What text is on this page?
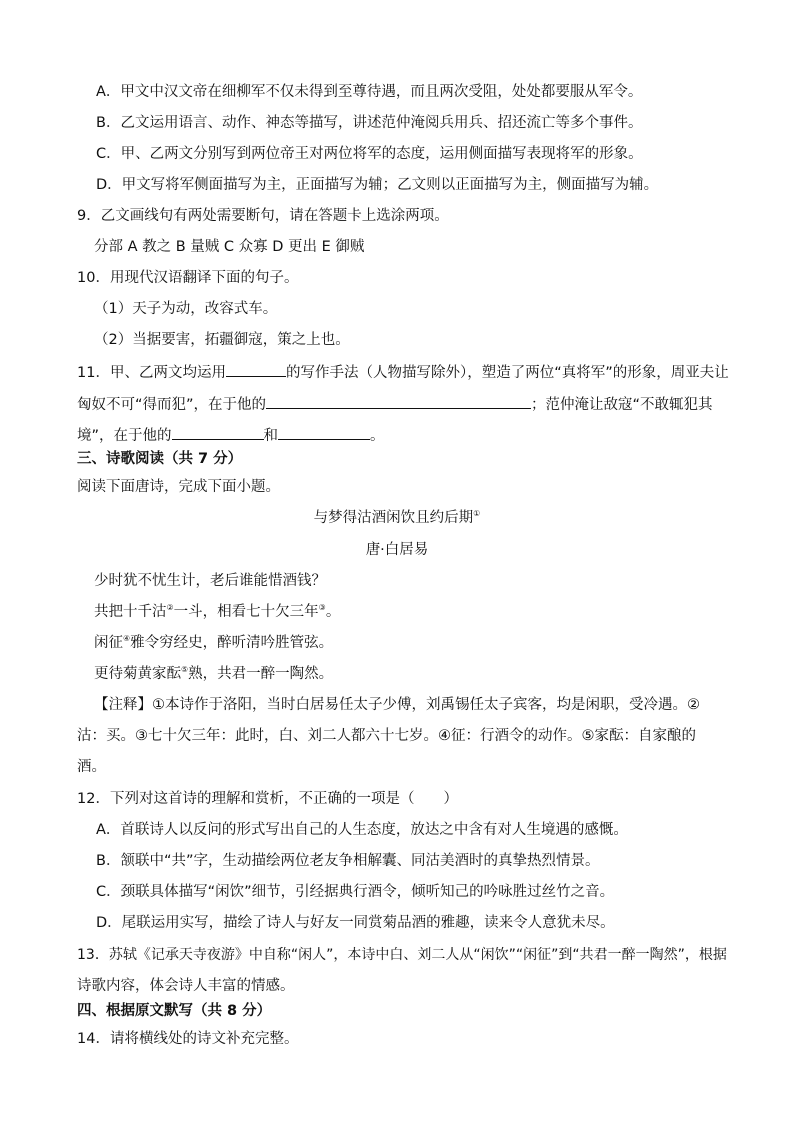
A．甲文中汉文帝在细柳军不仅未得到至尊待遇，而且两次受阻，处处都要服从军令。
B．乙文运用语言、动作、神态等描写，讲述范仲淹阅兵用兵、招还流亡等多个事件。
C．甲、乙两文分别写到两位帝王对两位将军的态度，运用侧面描写表现将军的形象。
D．甲文写将军侧面描写为主，正面描写为辅；乙文则以正面描写为主，侧面描写为辅。
9．乙文画线句有两处需要断句，请在答题卡上选涂两项。
分部 A 教之 B 量贼 C 众寡 D 更出 E 御贼
10．用现代汉语翻译下面的句子。
（1）天子为动，改容式车。
（2）当据要害，拓疆御寇，策之上也。
11．甲、乙两文均运用	的写作手法（人物描写除外），塑造了两位“真将军”的形象，周亚夫让
匈奴不可“得而犯”，在于他的	；范仲淹让敌寇“不敢辄犯其
境”，在于他的	和	。
三、诗歌阅读（共 7 分）
阅读下面唐诗，完成下面小题。
与梦得沽酒闲饮且约后期①
唐·白居易
少时犹不忧生计，老后谁能惜酒钱？
共把十千沽②一斗，相看七十欠三年③。
闲征④雅令穷经史，醉听清吟胜管弦。
更待菊黄家酝⑤熟，共君一醉一陶然。
【注释】①本诗作于洛阳，当时白居易任太子少傅，刘禹锡任太子宾客，均是闲职，受冷遇。②
沽：买。③七十欠三年：此时，白、刘二人都六十七岁。④征：行酒令的动作。⑤家酝：自家酿的
酒。
12．下列对这首诗的理解和赏析，不正确的一项是（　　）
A．首联诗人以反问的形式写出自己的人生态度，放达之中含有对人生境遇的感慨。
B．颔联中“共”字，生动描绘两位老友争相解囊、同沽美酒时的真挚热烈情景。
C．颈联具体描写“闲饮”细节，引经据典行酒令，倾听知己的吟咏胜过丝竹之音。
D．尾联运用实写，描绘了诗人与好友一同赏菊品酒的雅趣，读来令人意犹未尽。
13．苏轼《记承天寺夜游》中自称“闲人”，本诗中白、刘二人从“闲饮”“闲征”到“共君一醉一陶然”，根据
诗歌内容，体会诗人丰富的情感。
四、根据原文默写（共 8 分）
14．请将横线处的诗文补充完整。
